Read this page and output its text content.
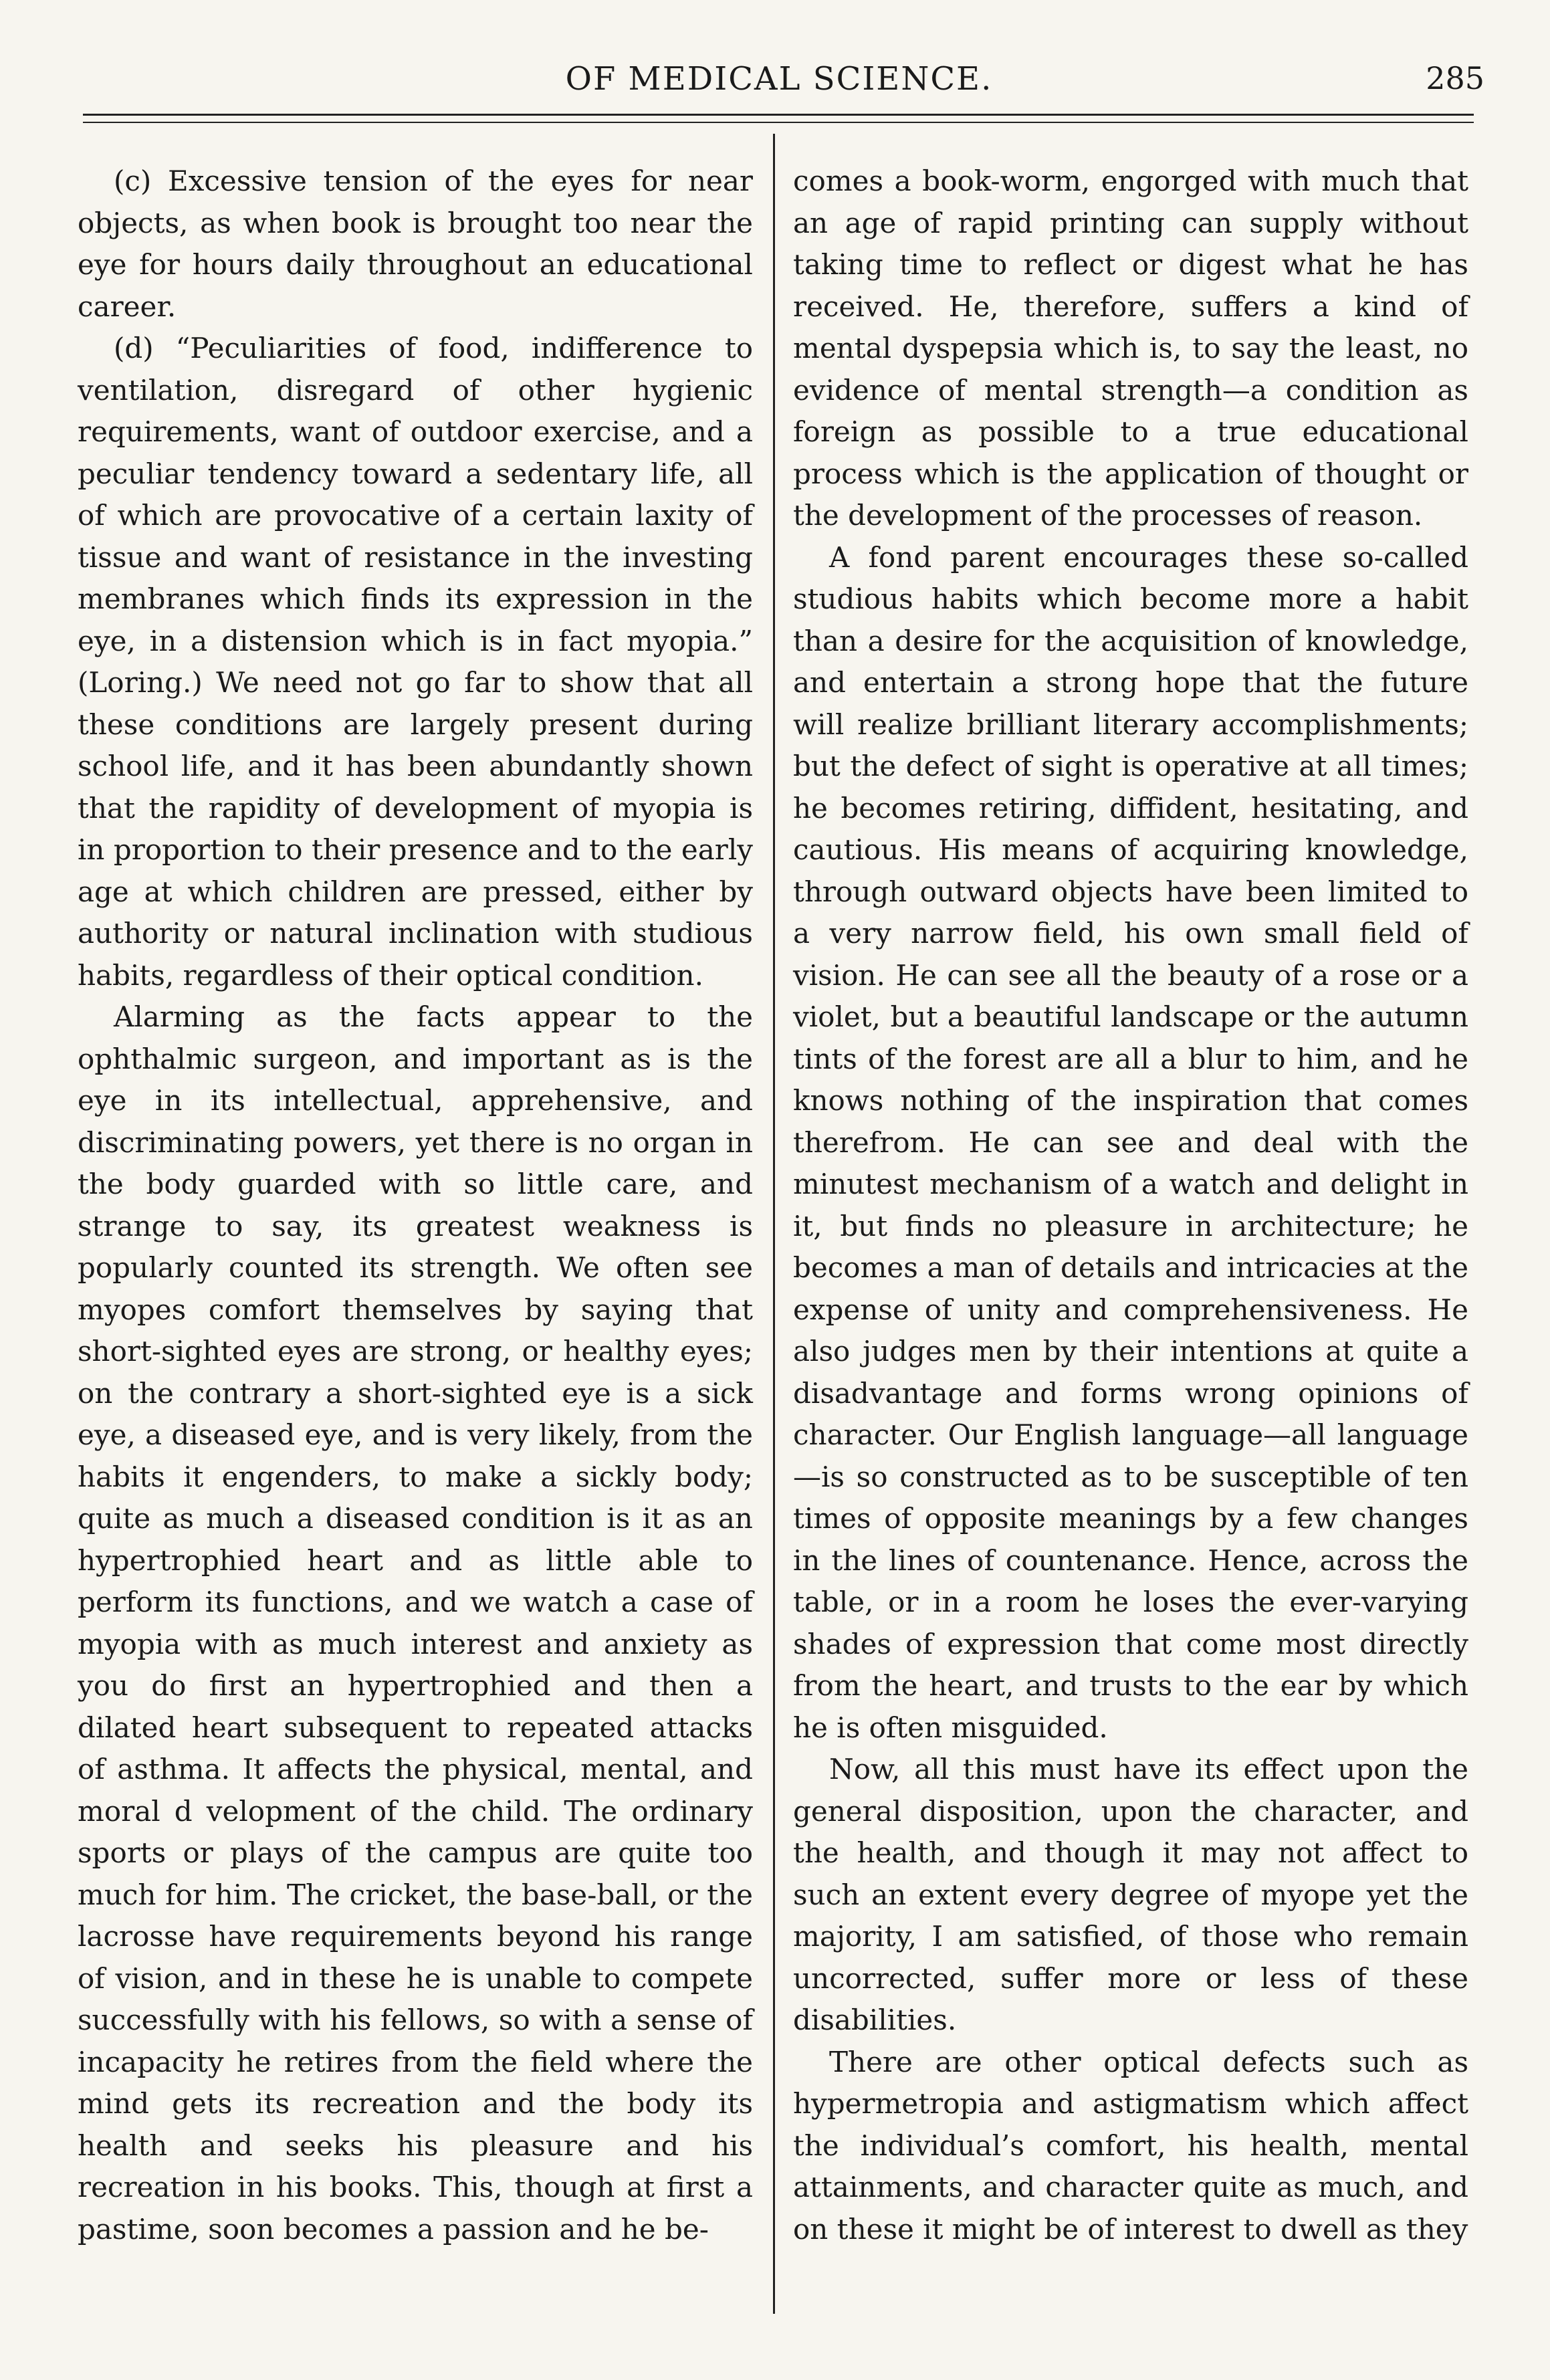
OF MEDICAL SCIENCE.	285

(c) Excessive tension of the eyes for near objects, as when book is brought too near the eye for hours daily throughout an educational career.

(d) “Peculiarities of food, indifference to ventilation, disregard of other hygienic requirements, want of outdoor exercise, and a peculiar tendency toward a sedentary life, all of which are provocative of a certain laxity of tissue and want of resistance in the investing membranes which finds its expression in the eye, in a distension which is in fact myopia.” (Loring.) We need not go far to show that all these conditions are largely present during school life, and it has been abundantly shown that the rapidity of development of myopia is in proportion to their presence and to the early age at which children are pressed, either by authority or natural inclination with studious habits, regardless of their optical condition.

Alarming as the facts appear to the ophthalmic surgeon, and important as is the eye in its intellectual, apprehensive, and discriminating powers, yet there is no organ in the body guarded with so little care, and strange to say, its greatest weakness is popularly counted its strength. We often see myopes comfort themselves by saying that short-sighted eyes are strong, or healthy eyes; on the contrary a short-sighted eye is a sick eye, a diseased eye, and is very likely, from the habits it engenders, to make a sickly body; quite as much a diseased condition is it as an hypertrophied heart and as little able to perform its functions, and we watch a case of myopia with as much interest and anxiety as you do first an hypertrophied and then a dilated heart subsequent to repeated attacks of asthma. It affects the physical, mental, and moral d velopment of the child. The ordinary sports or plays of the campus are quite too much for him. The cricket, the base-ball, or the lacrosse have requirements beyond his range of vision, and in these he is unable to compete successfully with his fellows, so with a sense of incapacity he retires from the field where the mind gets its recreation and the body its health and seeks his pleasure and his recreation in his books. This, though at first a pastime, soon becomes a passion and he be-

comes a book-worm, engorged with much that an age of rapid printing can supply without taking time to reflect or digest what he has received. He, therefore, suffers a kind of mental dyspepsia which is, to say the least, no evidence of mental strength—a condition as foreign as possible to a true educational process which is the application of thought or the development of the processes of reason.

A fond parent encourages these so-called studious habits which become more a habit than a desire for the acquisition of knowledge, and entertain a strong hope that the future will realize brilliant literary accomplishments; but the defect of sight is operative at all times; he becomes retiring, diffident, hesitating, and cautious. His means of acquiring knowledge, through outward objects have been limited to a very narrow field, his own small field of vision. He can see all the beauty of a rose or a violet, but a beautiful landscape or the autumn tints of the forest are all a blur to him, and he knows nothing of the inspiration that comes therefrom. He can see and deal with the minutest mechanism of a watch and delight in it, but finds no pleasure in architecture; he becomes a man of details and intricacies at the expense of unity and comprehensiveness. He also judges men by their intentions at quite a disadvantage and forms wrong opinions of character. Our English language—all language—is so constructed as to be susceptible of ten times of opposite meanings by a few changes in the lines of countenance. Hence, across the table, or in a room he loses the ever-varying shades of expression that come most directly from the heart, and trusts to the ear by which he is often misguided.

Now, all this must have its effect upon the general disposition, upon the character, and the health, and though it may not affect to such an extent every degree of myope yet the majority, I am satisfied, of those who remain uncorrected, suffer more or less of these disabilities.

There are other optical defects such as hypermetropia and astigmatism which affect the individual’s comfort, his health, mental attainments, and character quite as much, and on these it might be of interest to dwell as they
